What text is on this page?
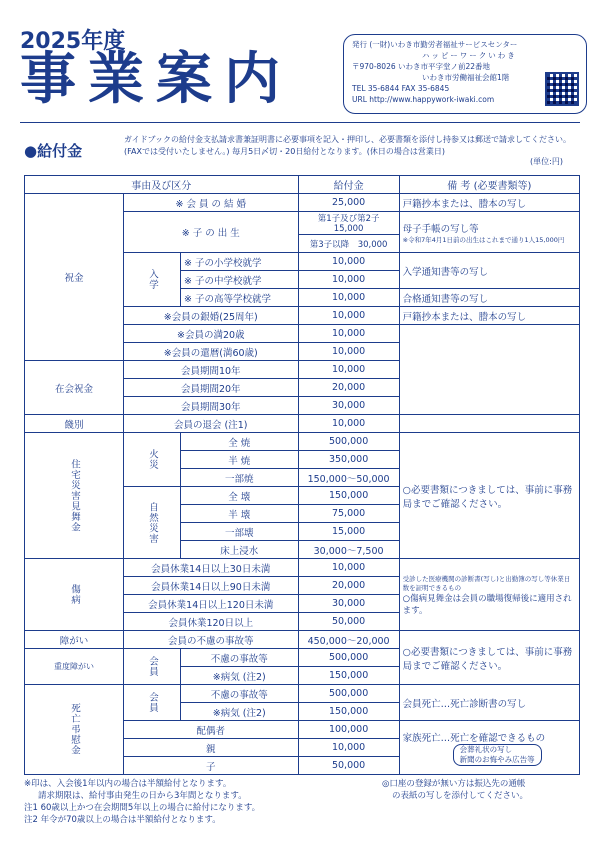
2025年度
事業案内
発行 (一財)いわき市勤労者福祉サービスセンター
ハッピーワークいわき
〒970-8026 いわき市平字堂ノ前22番地
いわき市労働福祉会館1階
TEL 35-6844 FAX 35-6845
URL http://www.happywork-iwaki.com
●給付金
ガイドブックの給付金支払請求書兼証明書に必要事項を記入・押印し、必要書類を添付し持参又は郵送で請求してください。(FAXでは受付いたしません。) 毎月5日〆切・20日給付となります。(休日の場合は営業日)
(単位:円)
事由及び区分			給付金	備 考 (必要書類等)
祝金	※ 会 員 の 結 婚		25,000	戸籍抄本または、謄本の写し
	※ 子 の 出 生		第1子及び第2子 15,000	母子手帳の写し等
※令和7年4月1日前の出生はこれまで通り1人15,000円

			第3子以降　 30,000	
	入学	※ 子の小学校就学	10,000	入学通知書等の写し
		※ 子の中学校就学	10,000	
		※ 子の高等学校就学	10,000	合格通知書等の写し
	※会員の銀婚(25周年)		10,000	戸籍抄本または、謄本の写し
	※会員の満20歳		10,000	
	※会員の還暦(満60歳)		10,000	
在会祝金	会員期間10年		10,000	
	会員期間20年		20,000	
	会員期間30年		30,000	
餞別	会員の退会 (注1)		10,000	
住宅災害見舞金	火災	全 焼	500,000	○必要書類につきましては、事前に事務局までご確認ください。
		半 焼	350,000	
		一部焼	150,000～50,000	
	自然災害	全 壊	150,000	
		半 壊	75,000	
		一部壊	15,000	
		床上浸水	30,000～7,500	
傷病	会員休業14日以上30日未満		10,000	受診した医療機関の診断書(写し)と出勤簿の写し等休業日数を証明できるもの
○傷病見舞金は会員の職場復帰後に適用されます。

	会員休業14日以上90日未満		20,000	
	会員休業14日以上120日未満		30,000	
	会員休業120日以上		50,000	
障がい	会員の不慮の事故等		450,000～20,000	○必要書類につきましては、事前に事務局までご確認ください。
重度障がい	会員	不慮の事故等	500,000	
		※病気 (注2)	150,000	
死亡弔慰金	会員	不慮の事故等	500,000	会員死亡…死亡診断書の写し
		※病気 (注2)	150,000	
	配偶者		100,000	家族死亡…死亡を確認できるもの
会葬礼状の写し
新聞のお悔やみ広告等

	親		10,000	
	子		50,000	
※印は、入会後1年以内の場合は半額給付となります。
請求期限は、給付事由発生の日から3年間となります。
注1 60歳以上かつ在会期間5年以上の場合に給付になります。
注2 年令が70歳以上の場合は半額給付となります。
◎口座の登録が無い方は振込先の通帳
の表紙の写しを添付してください。
